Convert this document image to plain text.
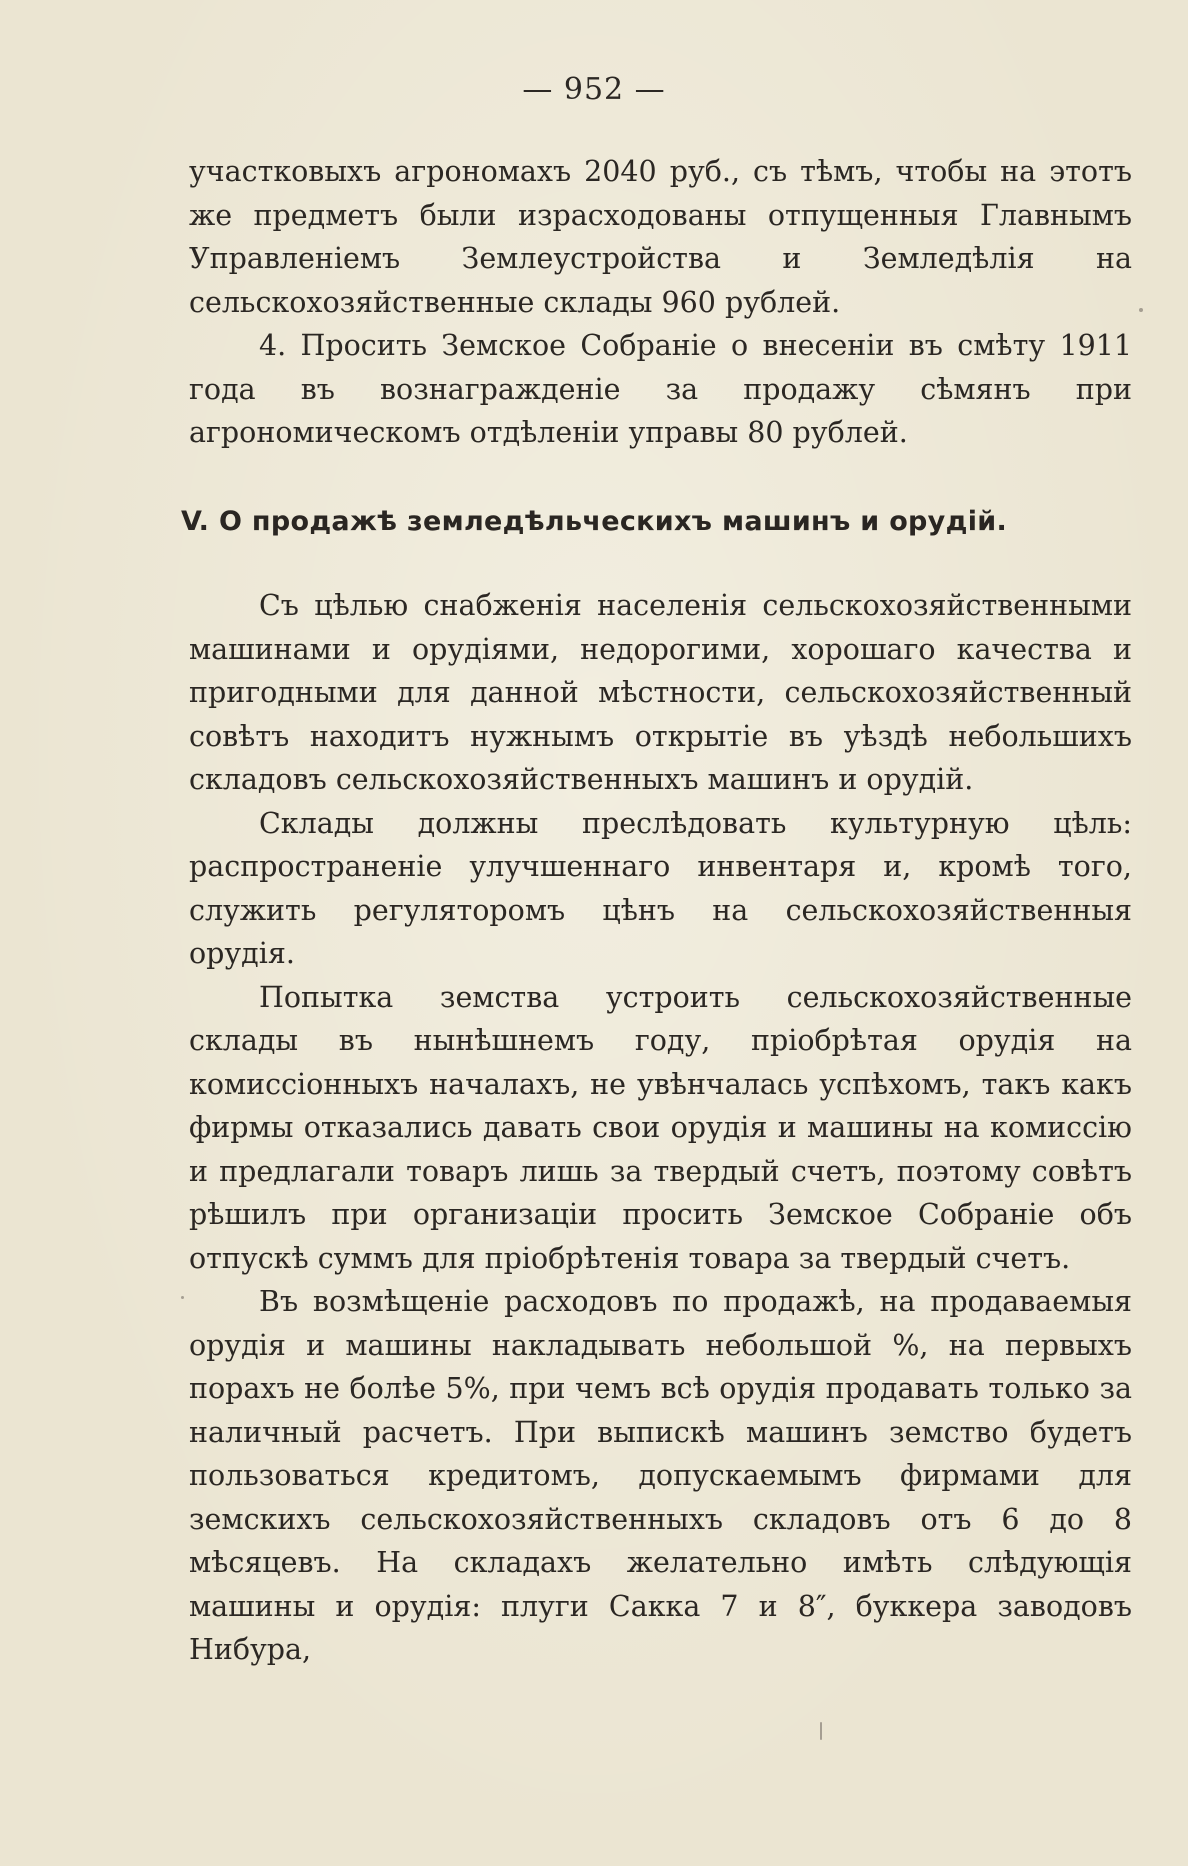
— 952 —

участковыхъ агрономахъ 2040 руб., съ тѣмъ, чтобы на этотъ же предметъ были израсходованы отпущенныя Главнымъ Управленіемъ Землеустройства и Земледѣлія на сельскохозяйственные склады 960 рублей.

4. Просить Земское Собраніе о внесеніи въ смѣту 1911 года въ вознагражденіе за продажу сѣмянъ при агрономическомъ отдѣленіи управы 80 рублей.

V. О продажѣ земледѣльческихъ машинъ и орудій.

Съ цѣлью снабженія населенія сельскохозяйственными машинами и орудіями, недорогими, хорошаго качества и пригодными для данной мѣстности, сельскохозяйственный совѣтъ находитъ нужнымъ открытіе въ уѣздѣ небольшихъ складовъ сельскохозяйственныхъ машинъ и орудій.

Склады должны преслѣдовать культурную цѣль: распространеніе улучшеннаго инвентаря и, кромѣ того, служить регуляторомъ цѣнъ на сельскохозяйственныя орудія.

Попытка земства устроить сельскохозяйственные склады въ нынѣшнемъ году, пріобрѣтая орудія на комиссіонныхъ началахъ, не увѣнчалась успѣхомъ, такъ какъ фирмы отказались давать свои орудія и машины на комиссію и предлагали товаръ лишь за твердый счетъ, поэтому совѣтъ рѣшилъ при организаціи просить Земское Собраніе объ отпускѣ суммъ для пріобрѣтенія товара за твердый счетъ.

Въ возмѣщеніе расходовъ по продажѣ, на продаваемыя орудія и машины накладывать небольшой %, на первыхъ порахъ не болѣе 5%, при чемъ всѣ орудія продавать только за наличный расчетъ. При выпискѣ машинъ земство будетъ пользоваться кредитомъ, допускаемымъ фирмами для земскихъ сельскохозяйственныхъ складовъ отъ 6 до 8 мѣсяцевъ. На складахъ желательно имѣть слѣдующія машины и орудія: плуги Сакка 7 и 8″, буккера заводовъ Нибура,
